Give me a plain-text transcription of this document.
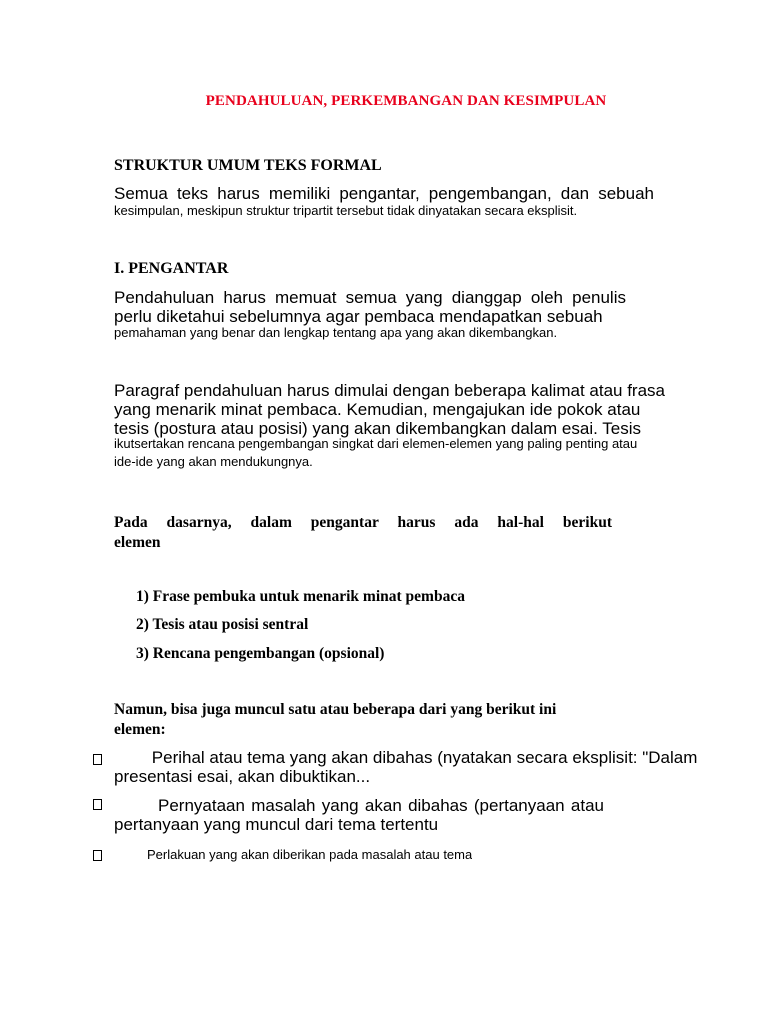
PENDAHULUAN, PERKEMBANGAN DAN KESIMPULAN
STRUKTUR UMUM TEKS FORMAL
Semua teks harus memiliki pengantar, pengembangan, dan sebuah
kesimpulan, meskipun struktur tripartit tersebut tidak dinyatakan secara eksplisit.
I. PENGANTAR
Pendahuluan harus memuat semua yang dianggap oleh penulis
perlu diketahui sebelumnya agar pembaca mendapatkan sebuah
pemahaman yang benar dan lengkap tentang apa yang akan dikembangkan.
Paragraf pendahuluan harus dimulai dengan beberapa kalimat atau frasa
yang menarik minat pembaca. Kemudian, mengajukan ide pokok atau
tesis (postura atau posisi) yang akan dikembangkan dalam esai. Tesis
ikutsertakan rencana pengembangan singkat dari elemen-elemen yang paling penting atau
ide-ide yang akan mendukungnya.
Pada dasarnya, dalam pengantar harus ada hal-hal berikut
elemen
1) Frase pembuka untuk menarik minat pembaca
2) Tesis atau posisi sentral
3) Rencana pengembangan (opsional)
Namun, bisa juga muncul satu atau beberapa dari yang berikut ini
elemen:
Perihal atau tema yang akan dibahas (nyatakan secara eksplisit: "Dalam
presentasi esai, akan dibuktikan...
Pernyataan masalah yang akan dibahas (pertanyaan atau
pertanyaan yang muncul dari tema tertentu
Perlakuan yang akan diberikan pada masalah atau tema
